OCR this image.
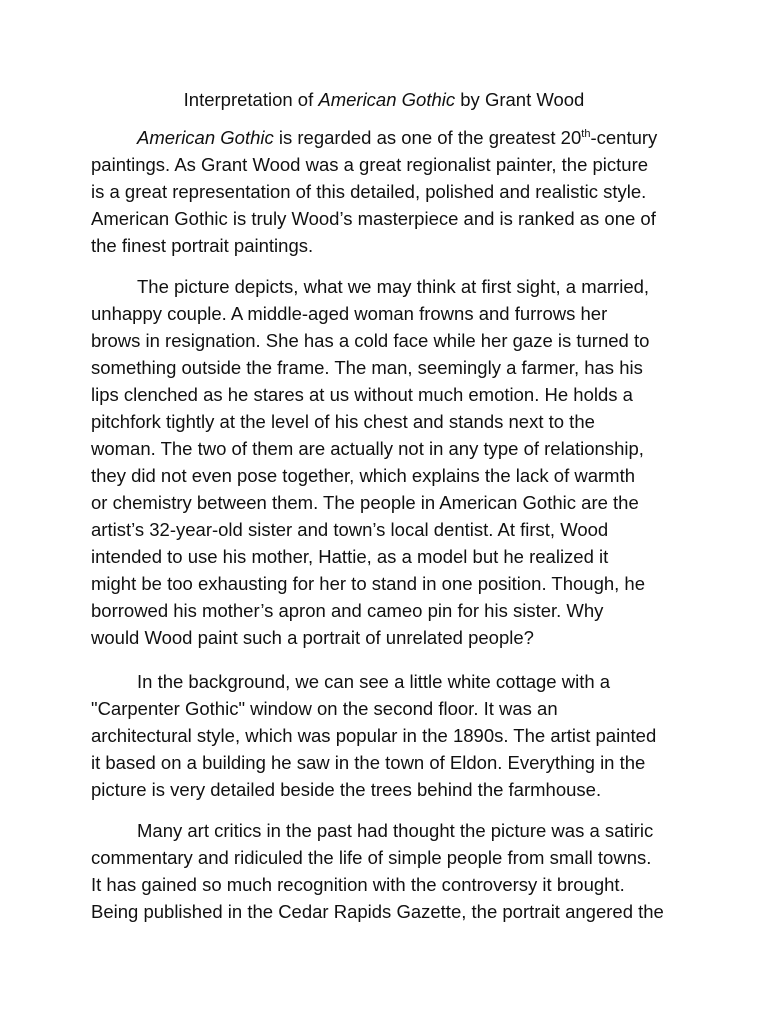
Interpretation of American Gothic by Grant Wood
American Gothic is regarded as one of the greatest 20th-century
paintings. As Grant Wood was a great regionalist painter, the picture
is a great representation of this detailed, polished and realistic style.
American Gothic is truly Wood’s masterpiece and is ranked as one of
the finest portrait paintings.
The picture depicts, what we may think at first sight, a married,
unhappy couple. A middle-aged woman frowns and furrows her
brows in resignation. She has a cold face while her gaze is turned to
something outside the frame. The man, seemingly a farmer, has his
lips clenched as he stares at us without much emotion. He holds a
pitchfork tightly at the level of his chest and stands next to the
woman. The two of them are actually not in any type of relationship,
they did not even pose together, which explains the lack of warmth
or chemistry between them. The people in American Gothic are the
artist’s 32-year-old sister and town’s local dentist. At first, Wood
intended to use his mother, Hattie, as a model but he realized it
might be too exhausting for her to stand in one position. Though, he
borrowed his mother’s apron and cameo pin for his sister. Why
would Wood paint such a portrait of unrelated people?
In the background, we can see a little white cottage with a
"Carpenter Gothic" window on the second floor. It was an
architectural style, which was popular in the 1890s. The artist painted
it based on a building he saw in the town of Eldon. Everything in the
picture is very detailed beside the trees behind the farmhouse.
Many art critics in the past had thought the picture was a satiric
commentary and ridiculed the life of simple people from small towns.
It has gained so much recognition with the controversy it brought.
Being published in the Cedar Rapids Gazette, the portrait angered the
